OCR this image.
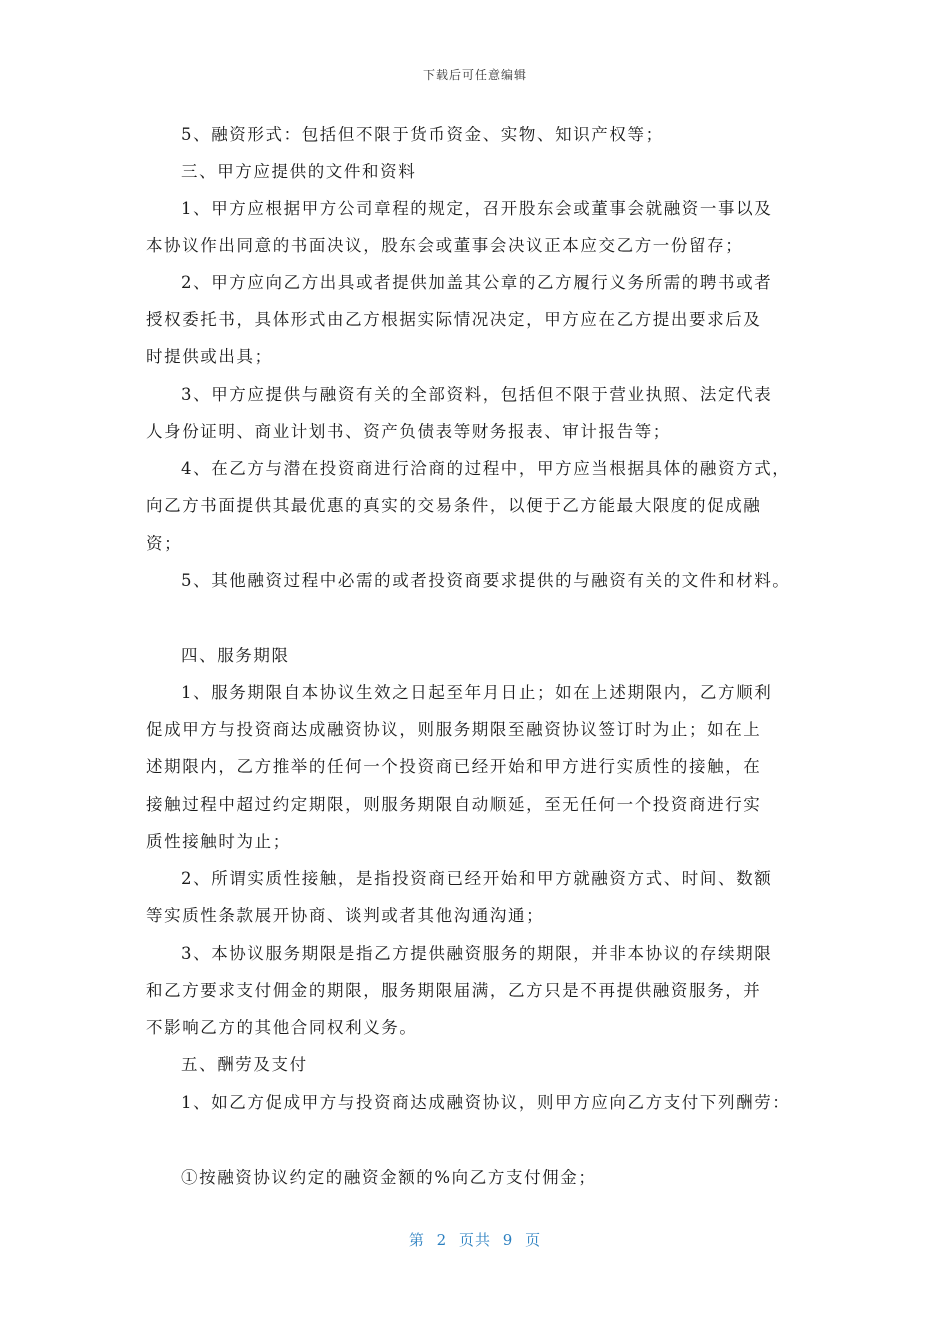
下载后可任意编辑
5、融资形式：包括但不限于货币资金、实物、知识产权等；
三、甲方应提供的文件和资料
1、甲方应根据甲方公司章程的规定，召开股东会或董事会就融资一事以及
本协议作出同意的书面决议，股东会或董事会决议正本应交乙方一份留存；
2、甲方应向乙方出具或者提供加盖其公章的乙方履行义务所需的聘书或者
授权委托书，具体形式由乙方根据实际情况决定，甲方应在乙方提出要求后及
时提供或出具；
3、甲方应提供与融资有关的全部资料，包括但不限于营业执照、法定代表
人身份证明、商业计划书、资产负债表等财务报表、审计报告等；
4、在乙方与潜在投资商进行洽商的过程中，甲方应当根据具体的融资方式，
向乙方书面提供其最优惠的真实的交易条件，以便于乙方能最大限度的促成融
资；
5、其他融资过程中必需的或者投资商要求提供的与融资有关的文件和材料。
四、服务期限
1、服务期限自本协议生效之日起至年月日止；如在上述期限内，乙方顺利
促成甲方与投资商达成融资协议，则服务期限至融资协议签订时为止；如在上
述期限内，乙方推举的任何一个投资商已经开始和甲方进行实质性的接触，在
接触过程中超过约定期限，则服务期限自动顺延，至无任何一个投资商进行实
质性接触时为止；
2、所谓实质性接触，是指投资商已经开始和甲方就融资方式、时间、数额
等实质性条款展开协商、谈判或者其他沟通沟通；
3、本协议服务期限是指乙方提供融资服务的期限，并非本协议的存续期限
和乙方要求支付佣金的期限，服务期限届满，乙方只是不再提供融资服务，并
不影响乙方的其他合同权利义务。
五、酬劳及支付
1、如乙方促成甲方与投资商达成融资协议，则甲方应向乙方支付下列酬劳：
①按融资协议约定的融资金额的%向乙方支付佣金；
第 2 页共 9 页
